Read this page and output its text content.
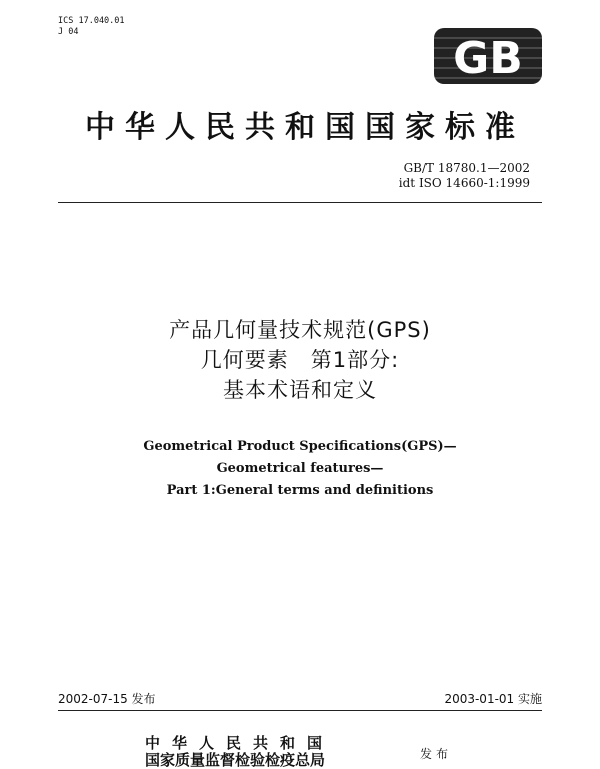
ICS 17.040.01
J 04
GB
中华人民共和国国家标准
GB/T 18780.1—2002
idt ISO 14660-1:1999
产品几何量技术规范(GPS)
几何要素　第1部分:
基本术语和定义
Geometrical Product Specifications(GPS)—
Geometrical features—
Part 1:General terms and definitions
2002-07-15 发布	2003-01-01 实施
中华人民共和国
国家质量监督检验检疫总局	发布
